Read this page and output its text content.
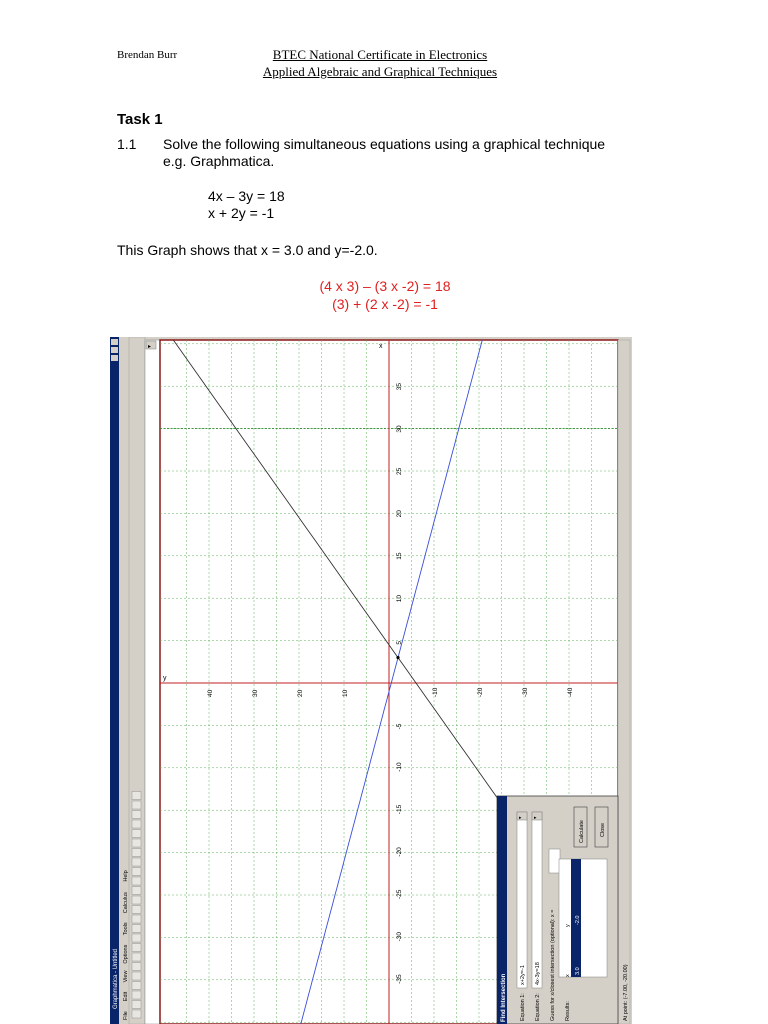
Brendan Burr	BTEC National Certificate in Electronics
Applied Algebraic and Graphical Techniques
Task 1
1.1 Solve the following simultaneous equations using a graphical technique
e.g. Graphmatica.
4x – 3y = 18
x + 2y = -1
This Graph shows that x = 3.0 and y=-2.0.
(4 x 3) – (3 x -2) = 18
(3) + (2 x -2) = -1
Graphmatica - Untitled
File
Edit
View
Options
Tools
Calculus
Help
▸
-35
-30
-25
-20
-15
-10
-5
5
10
15
20
25
30
35
-40
-30
-20
-10
10
20
30
40
x
y
At point: (-7.00, -20.00)
Find Intersection Equation 1:
x+2y=-1
▸
Equation 2:
4x-3y=18
▸
Guess for x/closest intersection (optional): x = Results:
x
y
3.0
-2.0
Calculate	Close
